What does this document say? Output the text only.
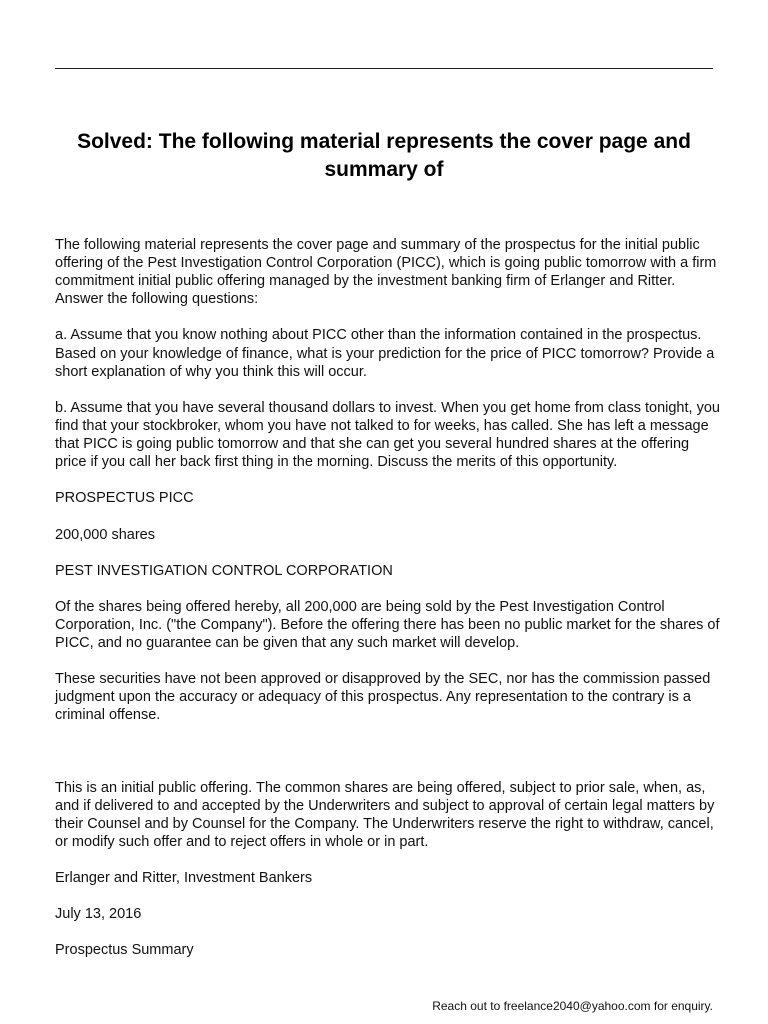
Solved: The following material represents the cover page and summary of

The following material represents the cover page and summary of the prospectus for the initial public offering of the Pest Investigation Control Corporation (PICC), which is going public tomorrow with a firm commitment initial public offering managed by the investment banking firm of Erlanger and Ritter. Answer the following questions:

a. Assume that you know nothing about PICC other than the information contained in the prospectus. Based on your knowledge of finance, what is your prediction for the price of PICC tomorrow? Provide a short explanation of why you think this will occur.

b. Assume that you have several thousand dollars to invest. When you get home from class tonight, you find that your stockbroker, whom you have not talked to for weeks, has called. She has left a message that PICC is going public tomorrow and that she can get you several hundred shares at the offering price if you call her back first thing in the morning. Discuss the merits of this opportunity.

PROSPECTUS PICC

200,000 shares

PEST INVESTIGATION CONTROL CORPORATION

Of the shares being offered hereby, all 200,000 are being sold by the Pest Investigation Control Corporation, Inc. ("the Company"). Before the offering there has been no public market for the shares of PICC, and no guarantee can be given that any such market will develop.

These securities have not been approved or disapproved by the SEC, nor has the commission passed judgment upon the accuracy or adequacy of this prospectus. Any representation to the contrary is a criminal offense.

This is an initial public offering. The common shares are being offered, subject to prior sale, when, as, and if delivered to and accepted by the Underwriters and subject to approval of certain legal matters by their Counsel and by Counsel for the Company. The Underwriters reserve the right to withdraw, cancel, or modify such offer and to reject offers in whole or in part.

Erlanger and Ritter, Investment Bankers

July 13, 2016

Prospectus Summary

Reach out to freelance2040@yahoo.com for enquiry.
